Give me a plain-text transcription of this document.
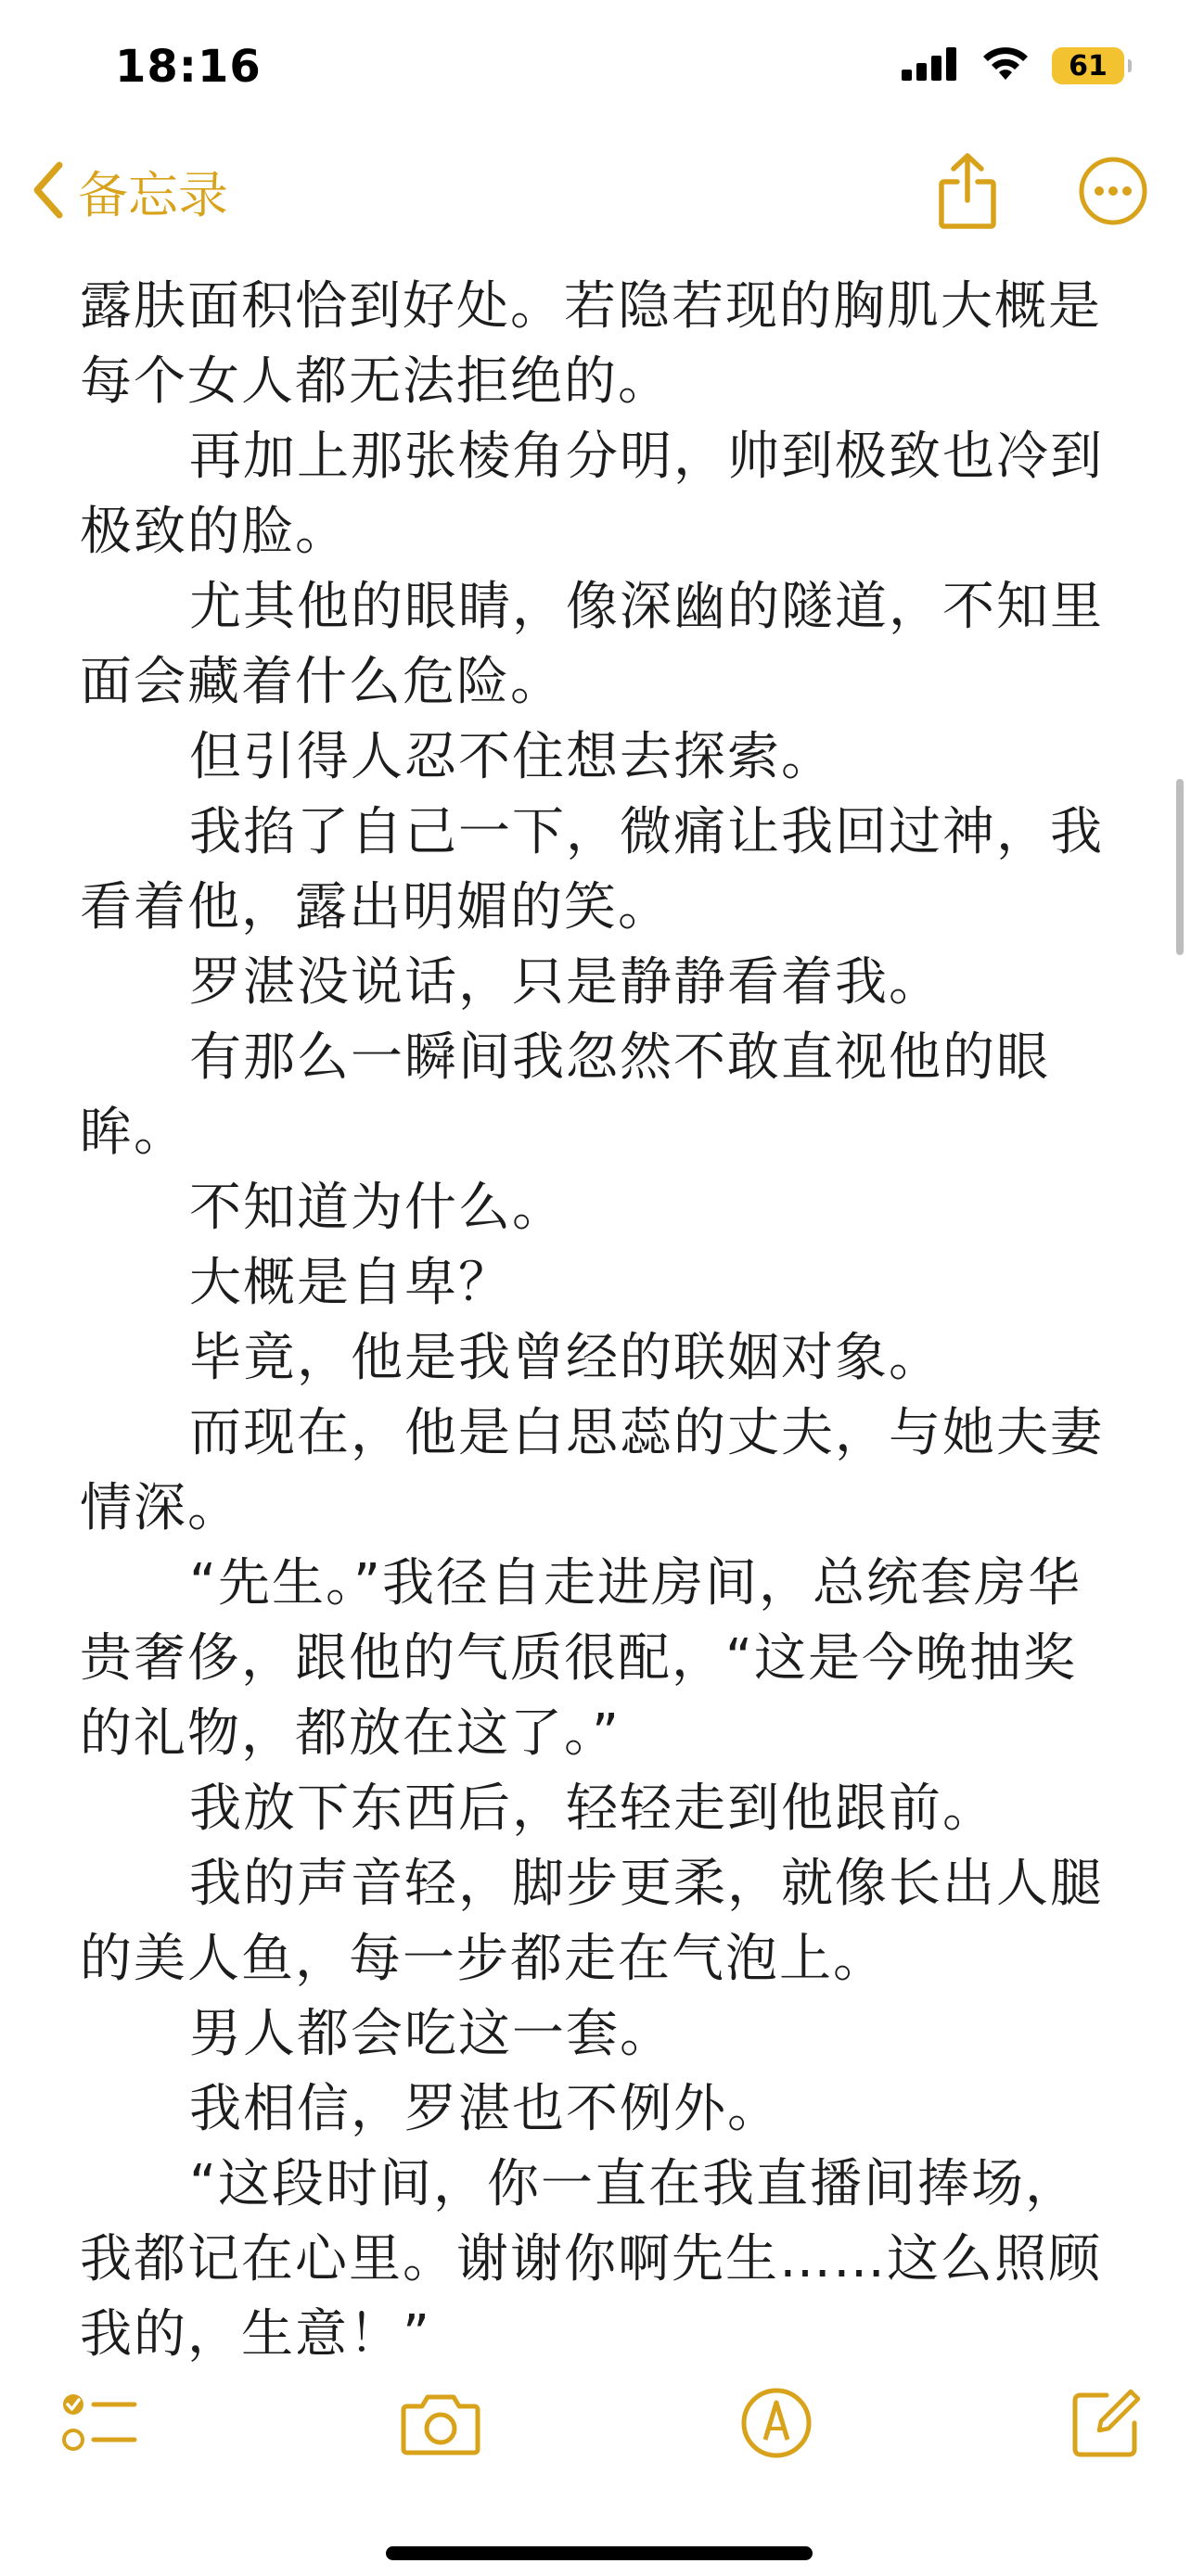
18:16	61
备忘录

露肤面积恰到好处。若隐若现的胸肌大概是每个女人都无法拒绝的。

再加上那张棱角分明，帅到极致也冷到极致的脸。

尤其他的眼睛，像深幽的隧道，不知里面会藏着什么危险。

但引得人忍不住想去探索。

我掐了自己一下，微痛让我回过神，我看着他，露出明媚的笑。

罗湛没说话，只是静静看着我。

有那么一瞬间我忽然不敢直视他的眼眸。

不知道为什么。

大概是自卑？

毕竟，他是我曾经的联姻对象。

而现在，他是白思蕊的丈夫，与她夫妻情深。

“先生。”我径自走进房间，总统套房华贵奢侈，跟他的气质很配，“这是今晚抽奖的礼物，都放在这了。”

我放下东西后，轻轻走到他跟前。

我的声音轻，脚步更柔，就像长出人腿的美人鱼，每一步都走在气泡上。

男人都会吃这一套。

我相信，罗湛也不例外。

“这段时间，你一直在我直播间捧场，我都记在心里。谢谢你啊先生……这么照顾我的，生意！”
